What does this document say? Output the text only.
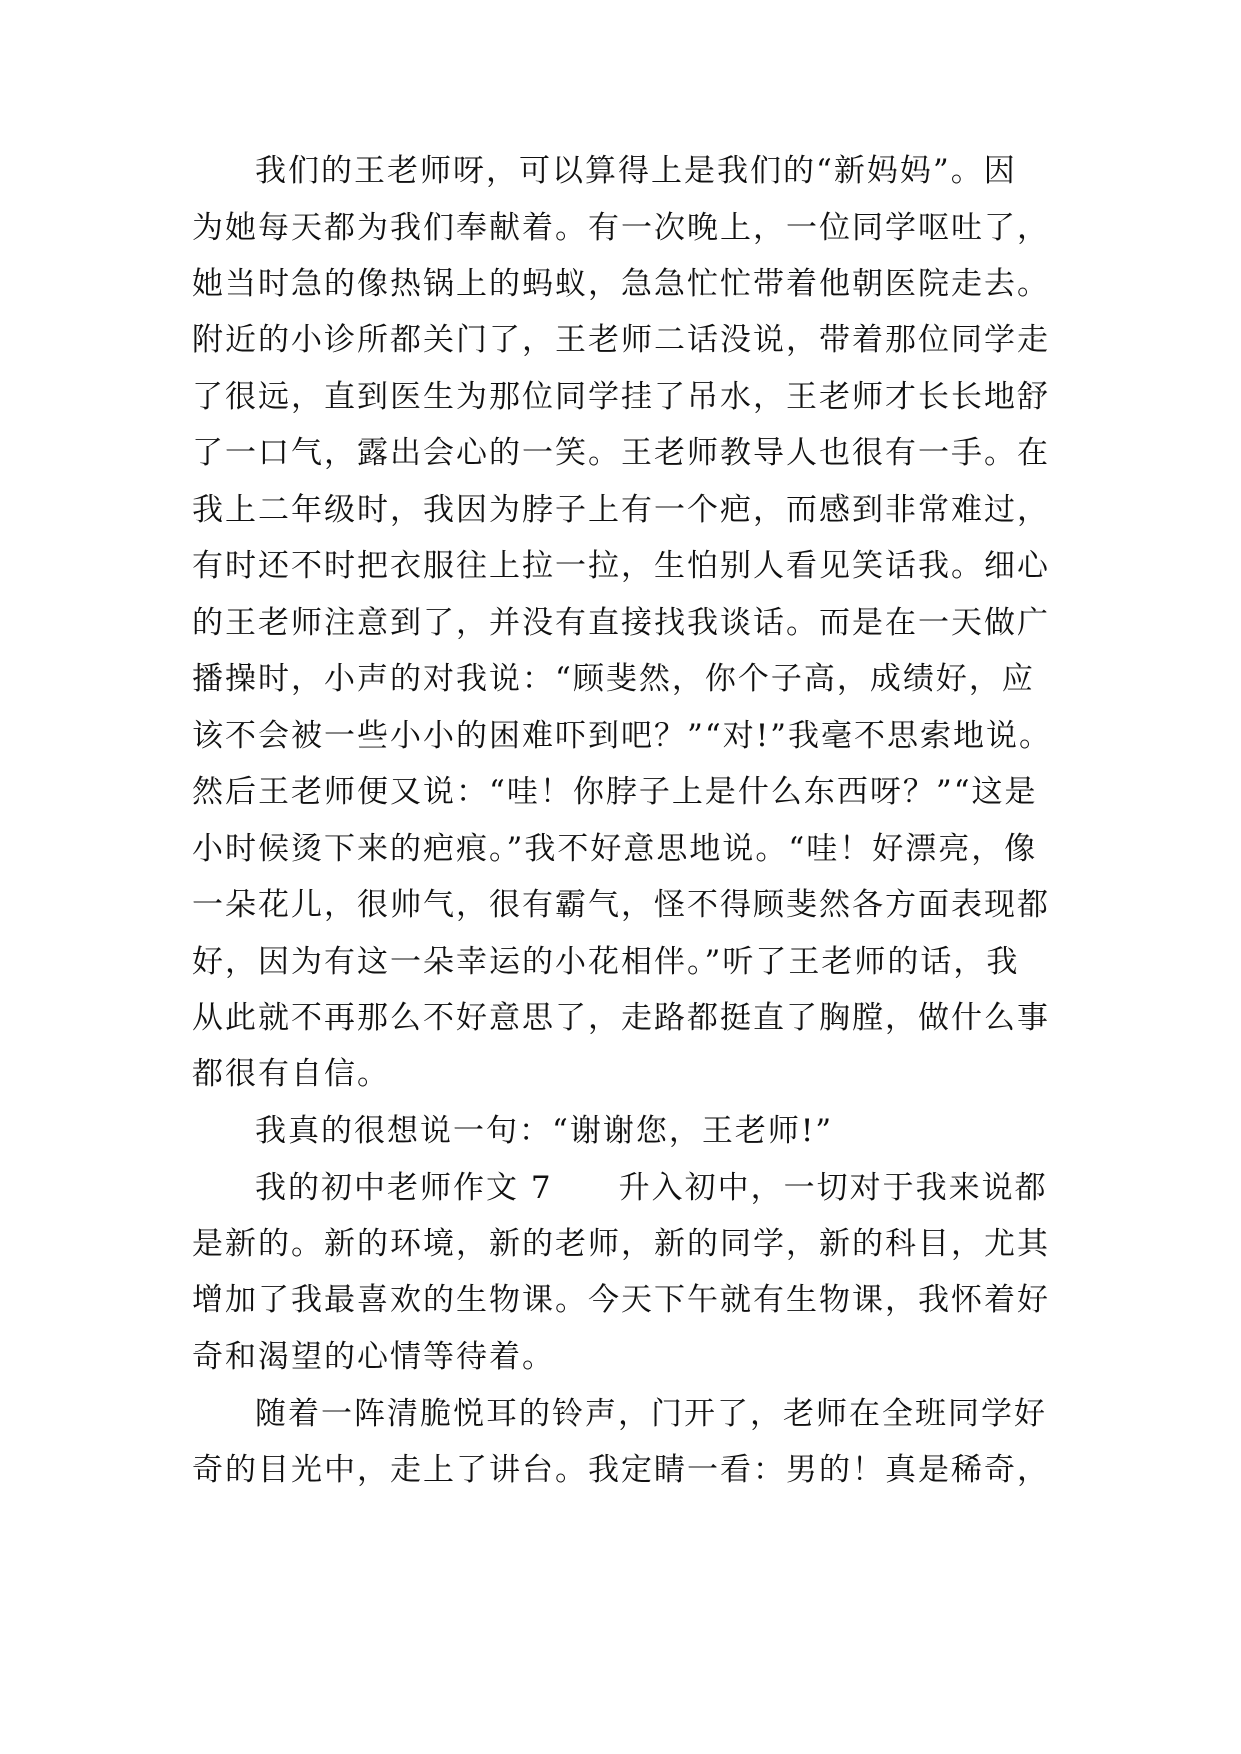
我们的王老师呀，可以算得上是我们的“新妈妈”。因
为她每天都为我们奉献着。有一次晚上，一位同学呕吐了，
她当时急的像热锅上的蚂蚁，急急忙忙带着他朝医院走去。
附近的小诊所都关门了，王老师二话没说，带着那位同学走
了很远，直到医生为那位同学挂了吊水，王老师才长长地舒
了一口气，露出会心的一笑。王老师教导人也很有一手。在
我上二年级时，我因为脖子上有一个疤，而感到非常难过，
有时还不时把衣服往上拉一拉，生怕别人看见笑话我。细心
的王老师注意到了，并没有直接找我谈话。而是在一天做广
播操时，小声的对我说：“顾斐然，你个子高，成绩好，应
该不会被一些小小的困难吓到吧？”“对!”我毫不思索地说。
然后王老师便又说：“哇！你脖子上是什么东西呀？”“这是
小时候烫下来的疤痕。”我不好意思地说。“哇！好漂亮，像
一朵花儿，很帅气，很有霸气，怪不得顾斐然各方面表现都
好，因为有这一朵幸运的小花相伴。”听了王老师的话，我
从此就不再那么不好意思了，走路都挺直了胸膛，做什么事
都很有自信。
我真的很想说一句：“谢谢您，王老师!”
我的初中老师作文 7　　升入初中，一切对于我来说都
是新的。新的环境，新的老师，新的同学，新的科目，尤其
增加了我最喜欢的生物课。今天下午就有生物课，我怀着好
奇和渴望的心情等待着。
随着一阵清脆悦耳的铃声，门开了，老师在全班同学好
奇的目光中，走上了讲台。我定睛一看：男的！真是稀奇，
